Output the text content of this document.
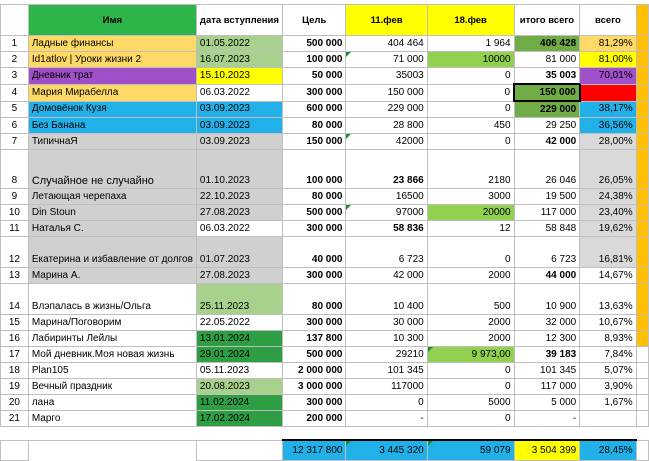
	Имя	дата вступления	Цель	11.фев	18.фев	итого всего	всего	
1	Ладные финансы	01.05.2022	500 000	404 464	1 964	406 428	81,29%	
2	Id1atlov | Уроки жизни 2	16.07.2023	100 000	71 000	10000	81 000	81,00%	
3	Дневник трат	15.10.2023	50 000	35003	0	35 003	70,01%	
4	Мария Мирабелла	06.03.2022	300 000	150 000	0	150 000	50,00%	
5	Домовёнок Кузя	03.09.2023	600 000	229 000	0	229 000	38,17%	
6	Без Банана	03.09.2023	80 000	28 800	450	29 250	36,56%	
7	ТипичнаЯ	03.09.2023	150 000	42000	0	42 000	28,00%	
8	Случайное не случайно	01.10.2023	100 000	23 866	2180	26 046	26,05%	
9	Летающая черепаха	22.10.2023	80 000	16500	3000	19 500	24,38%	
10	Din Stoun	27.08.2023	500 000	97000	20000	117 000	23,40%	
11	Наталья С.	06.03.2022	300 000	58 836	12	58 848	19,62%	
12	Екатерина и избавление от долгов	01.07.2023	40 000	6 723	0	6 723	16,81%	
13	Марина А.	27.08.2023	300 000	42 000	2000	44 000	14,67%	
14	Влэпалась в жизнь/Ольга	25.11.2023	80 000	10 400	500	10 900	13,63%	
15	Марина/Поговорим	22.05.2022	300 000	30 000	2000	32 000	10,67%	
16	Лабиринты Лейлы	13.01.2024	137 800	10 300	2000	12 300	8,93%	
17	Мой дневник.Моя новая жизнь	29.01.2024	500 000	29210	9 973,00	39 183	7,84%	
18	Plan105	05.11.2023	2 000 000	101 345	0	101 345	5,07%	
19	Вечный праздник	20.08.2023	3 000 000	117000	0	117 000	3,90%	
20	лана	11.02.2024	300 000	0	5000	5 000	1,67%	
21	Марго	17.02.2024	200 000	-	0	-		

			12 317 800	3 445 320	59 079	3 504 399	28,45%	
